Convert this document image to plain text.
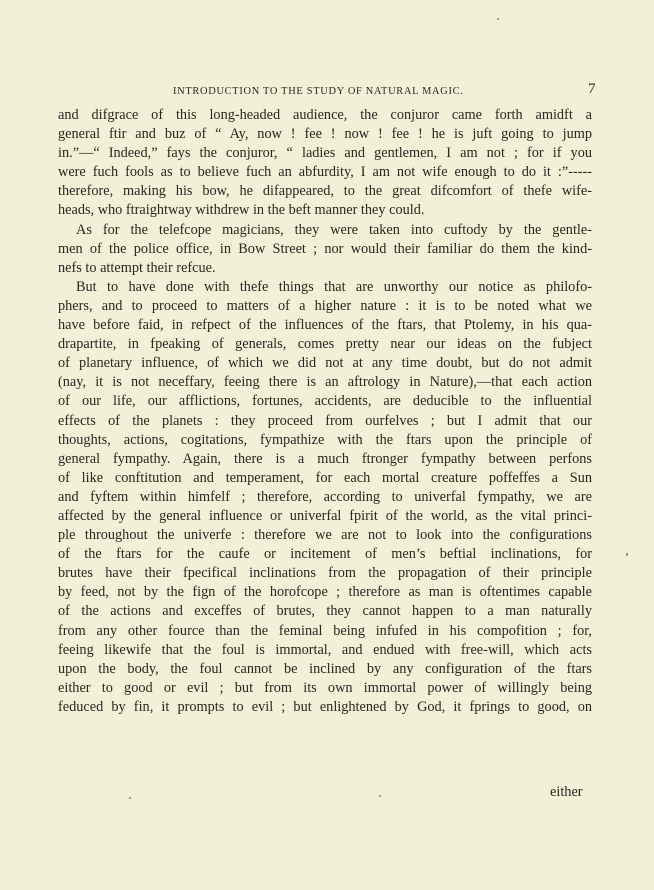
INTRODUCTION TO THE STUDY OF NATURAL MAGIC.	7
and difgrace of this long-headed audience, the conjuror came forth amidft a
general ftir and buz of “ Ay, now ! fee ! now ! fee ! he is juft going to jump
in.”—“ Indeed,” fays the conjuror, “ ladies and gentlemen, I am not ; for if you
were fuch fools as to believe fuch an abfurdity, I am not wife enough to do it :”-----
therefore, making his bow, he difappeared, to the great difcomfort of thefe wife-
heads, who ftraightway withdrew in the beft manner they could.
As for the telefcope magicians, they were taken into cuftody by the gentle-
men of the police office, in Bow Street ; nor would their familiar do them the kind-
nefs to attempt their refcue.
But to have done with thefe things that are unworthy our notice as philofo-
phers, and to proceed to matters of a higher nature : it is to be noted what we
have before faid, in refpect of the influences of the ftars, that Ptolemy, in his qua-
drapartite, in fpeaking of generals, comes pretty near our ideas on the fubject
of planetary influence, of which we did not at any time doubt, but do not admit
(nay, it is not neceffary, feeing there is an aftrology in Nature),—that each action
of our life, our afflictions, fortunes, accidents, are deducible to the influential
effects of the planets : they proceed from ourfelves ; but I admit that our
thoughts, actions, cogitations, fympathize with the ftars upon the principle of
general fympathy. Again, there is a much ftronger fympathy between perfons
of like conftitution and temperament, for each mortal creature poffeffes a Sun
and fyftem within himfelf ; therefore, according to univerfal fympathy, we are
affected by the general influence or univerfal fpirit of the world, as the vital princi-
ple throughout the univerfe : therefore we are not to look into the configurations
of the ftars for the caufe or incitement of men’s beftial inclinations, for
brutes have their fpecifical inclinations from the propagation of their principle
by feed, not by the fign of the horofcope ; therefore as man is oftentimes capable
of the actions and exceffes of brutes, they cannot happen to a man naturally
from any other fource than the feminal being infufed in his compofition ; for,
feeing likewife that the foul is immortal, and endued with free-will, which acts
upon the body, the foul cannot be inclined by any configuration of the ftars
either to good or evil ; but from its own immortal power of willingly being
feduced by fin, it prompts to evil ; but enlightened by God, it fprings to good, on
either
